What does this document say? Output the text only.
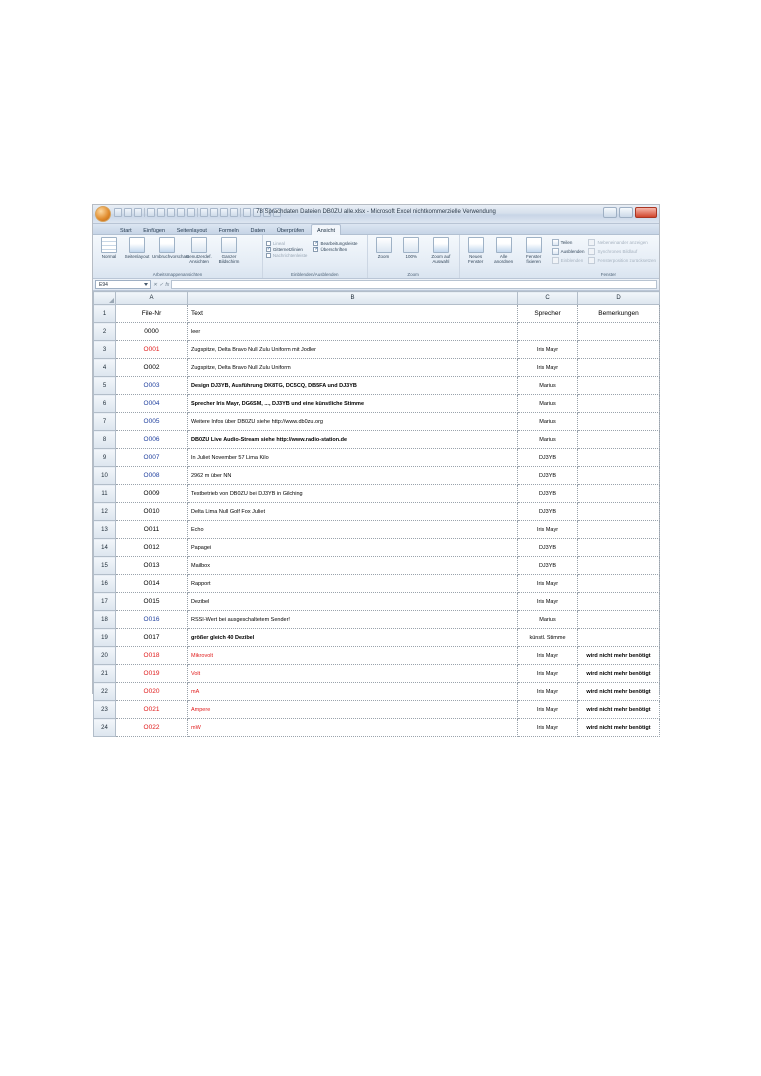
78 Sprachdaten Dateien DB0ZU alle.xlsx - Microsoft Excel nichtkommerzielle Verwendung
Start Einfügen Seitenlayout Formeln Daten Überprüfen Ansicht
Normal	Seitenlayout Umbruchvorschau
Benutzerdef. Ansichten
Ganzer Bildschirm
Arbeitsmappenansichten
Lineal
✓
Gitternetzlinien
Nachrichtenleiste
✓
Bearbeitungsleiste
✓
Überschriften
Einblenden/Ausblenden
Zoom	100%	Zoom auf Auswahl
Zoom
Neues Fenster
Alle anordnen
Fenster fixieren
Teilen
Ausblenden
Einblenden
Nebeneinander anzeigen
Synchrones Bildlauf
Fensterposition zurücksetzen
Fenster
E94	✕ ✓ fx
	A	B	C	D
1	File-Nr	Text	Sprecher	Bemerkungen
2	0000	leer		
3	O001	Zugspitze, Delta Bravo Null Zulu Uniform mit Jodler	Iris Mayr	
4	O002	Zugspitze, Delta Bravo Null Zulu Uniform	Iris Mayr	
5	O003	Design DJ3YB, Ausführung DK8TG, DC5CQ, DB5FA und DJ3YB	Marius	
6	O004	Sprecher Iris Mayr, DG6SM, ..., DJ3YB und eine künstliche Stimme	Marius	
7	O005	Weitere Infos über DB0ZU siehe http://www.db0zu.org	Marius	
8	O006	DB0ZU Live Audio-Stream siehe http://www.radio-station.de	Marius	
9	O007	In Juliet November 57 Lima Kilo	DJ3YB	
10	O008	2962 m über NN	DJ3YB	
11	O009	Testbetrieb von DB0ZU bei DJ3YB in Gilching	DJ3YB	
12	O010	Delta Lima Null Golf Fox Juliet	DJ3YB	
13	O011	Echo	Iris Mayr	
14	O012	Papagei	DJ3YB	
15	O013	Mailbox	DJ3YB	
16	O014	Rapport	Iris Mayr	
17	O015	Dezibel	Iris Mayr	
18	O016	RSSI-Wert bei ausgeschaltetem Sender!	Marius	
19	O017	größer gleich 40 Dezibel	künstl. Stimme	
20	O018	Mikrovolt	Iris Mayr	wird nicht mehr benötigt
21	O019	Volt	Iris Mayr	wird nicht mehr benötigt
22	O020	mA	Iris Mayr	wird nicht mehr benötigt
23	O021	Ampere	Iris Mayr	wird nicht mehr benötigt
24	O022	mW	Iris Mayr	wird nicht mehr benötigt
